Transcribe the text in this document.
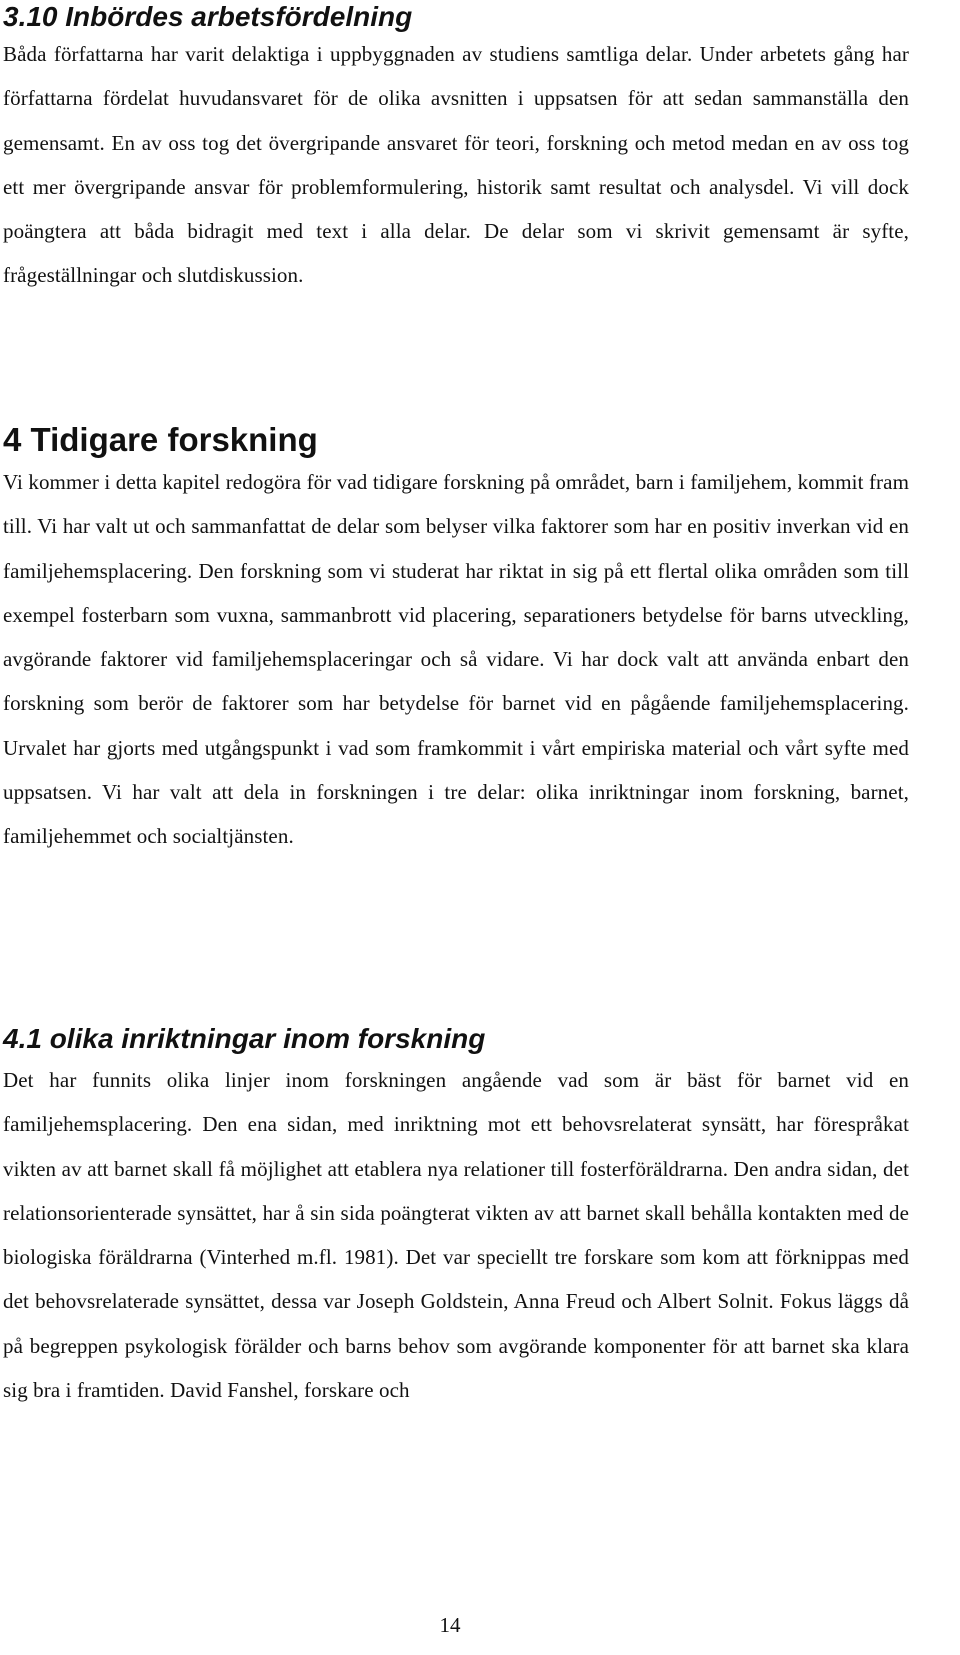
3.10 Inbördes arbetsfördelning

Båda författarna har varit delaktiga i uppbyggnaden av studiens samtliga delar. Under arbetets gång har författarna fördelat huvudansvaret för de olika avsnitten i uppsatsen för att sedan sammanställa den gemensamt. En av oss tog det övergripande ansvaret för teori, forskning och metod medan en av oss tog ett mer övergripande ansvar för problemformulering, historik samt resultat och analysdel. Vi vill dock poängtera att båda bidragit med text i alla delar. De delar som vi skrivit gemensamt är syfte, frågeställningar och slutdiskussion.

4 Tidigare forskning

Vi kommer i detta kapitel redogöra för vad tidigare forskning på området, barn i familjehem, kommit fram till. Vi har valt ut och sammanfattat de delar som belyser vilka faktorer som har en positiv inverkan vid en familjehemsplacering. Den forskning som vi studerat har riktat in sig på ett flertal olika områden som till exempel fosterbarn som vuxna, sammanbrott vid placering, separationers betydelse för barns utveckling, avgörande faktorer vid familjehemsplaceringar och så vidare. Vi har dock valt att använda enbart den forskning som berör de faktorer som har betydelse för barnet vid en pågående familjehemsplacering. Urvalet har gjorts med utgångspunkt i vad som framkommit i vårt empiriska material och vårt syfte med uppsatsen. Vi har valt att dela in forskningen i tre delar: olika inriktningar inom forskning, barnet, familjehemmet och socialtjänsten.

4.1 olika inriktningar inom forskning

Det har funnits olika linjer inom forskningen angående vad som är bäst för barnet vid en familjehemsplacering. Den ena sidan, med inriktning mot ett behovsrelaterat synsätt, har förespråkat vikten av att barnet skall få möjlighet att etablera nya relationer till fosterföräldrarna. Den andra sidan, det relationsorienterade synsättet, har å sin sida poängterat vikten av att barnet skall behålla kontakten med de biologiska föräldrarna (Vinterhed m.fl. 1981). Det var speciellt tre forskare som kom att förknippas med det behovsrelaterade synsättet, dessa var Joseph Goldstein, Anna Freud och Albert Solnit. Fokus läggs då på begreppen psykologisk förälder och barns behov som avgörande komponenter för att barnet ska klara sig bra i framtiden. David Fanshel, forskare och

14
